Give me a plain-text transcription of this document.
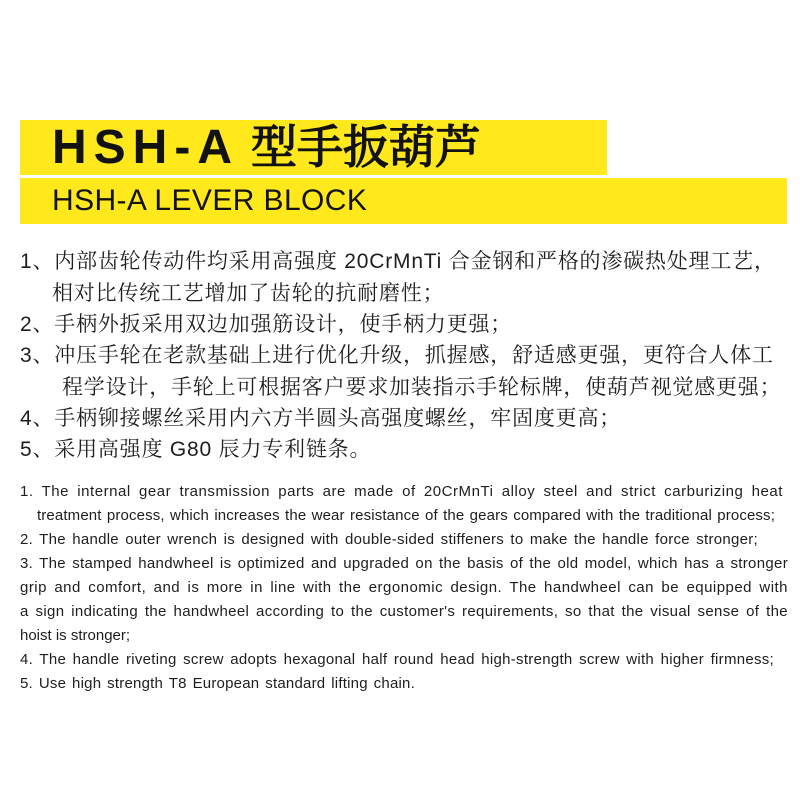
HSH-A 型手扳葫芦
HSH-A LEVER BLOCK
1、内部齿轮传动件均采用高强度 20CrMnTi 合金钢和严格的渗碳热处理工艺，
相对比传统工艺增加了齿轮的抗耐磨性；
2、手柄外扳采用双边加强筋设计，使手柄力更强；
3、冲压手轮在老款基础上进行优化升级，抓握感，舒适感更强，更符合人体工
程学设计，手轮上可根据客户要求加装指示手轮标牌，使葫芦视觉感更强；
4、手柄铆接螺丝采用内六方半圆头高强度螺丝，牢固度更高；
5、采用高强度 G80 辰力专利链条。
1. The internal gear transmission parts are made of 20CrMnTi alloy steel and strict carburizing heat
treatment process, which increases the wear resistance of the gears compared with the traditional process;
2. The handle outer wrench is designed with double-sided stiffeners to make the handle force stronger;
3. The stamped handwheel is optimized and upgraded on the basis of the old model, which has a stronger
grip and comfort, and is more in line with the ergonomic design. The handwheel can be equipped with
a sign indicating the handwheel according to the customer's requirements, so that the visual sense of the
hoist is stronger;
4. The handle riveting screw adopts hexagonal half round head high-strength screw with higher firmness;
5. Use high strength T8 European standard lifting chain.
